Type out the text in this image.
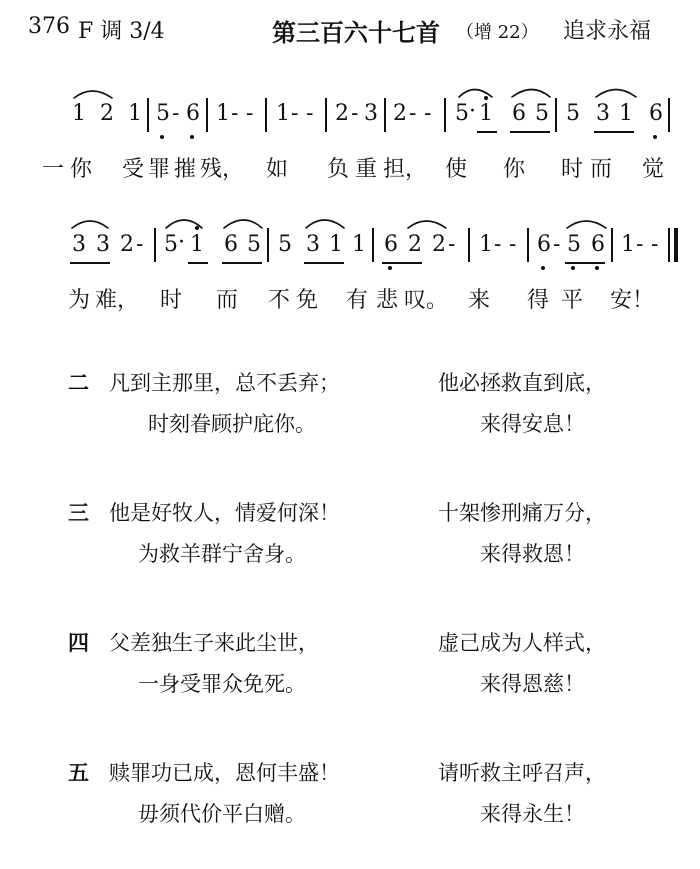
376 F 调 3/4	第三百六十七首 （增 22） 追求永福
1 2 1 5 - 6 1 - - 1 - - 2 - 3 2 - - 5 · 1 6 5 5 3 1 6
一 你 受 罪 摧 残， 如 负 重 担， 使 你 时 而 觉
3 3 2 - 5 · 1 6 5 5 3 1 1 6 2 2 - 1 - - 6 - 5 6 1 - -
为 难， 时 而 不 免 有 悲 叹。 来 得 平 安！
二 凡到主那里，总不丢弃；
时刻眷顾护庇你。
他必拯救直到底，
来得安息！
三 他是好牧人，情爱何深！
为救羊群宁舍身。
十架惨刑痛万分，
来得救恩！
四 父差独生子来此尘世，
一身受罪众免死。
虚己成为人样式，
来得恩慈！
五 赎罪功已成，恩何丰盛！
毋须代价平白赠。
请听救主呼召声，
来得永生！
